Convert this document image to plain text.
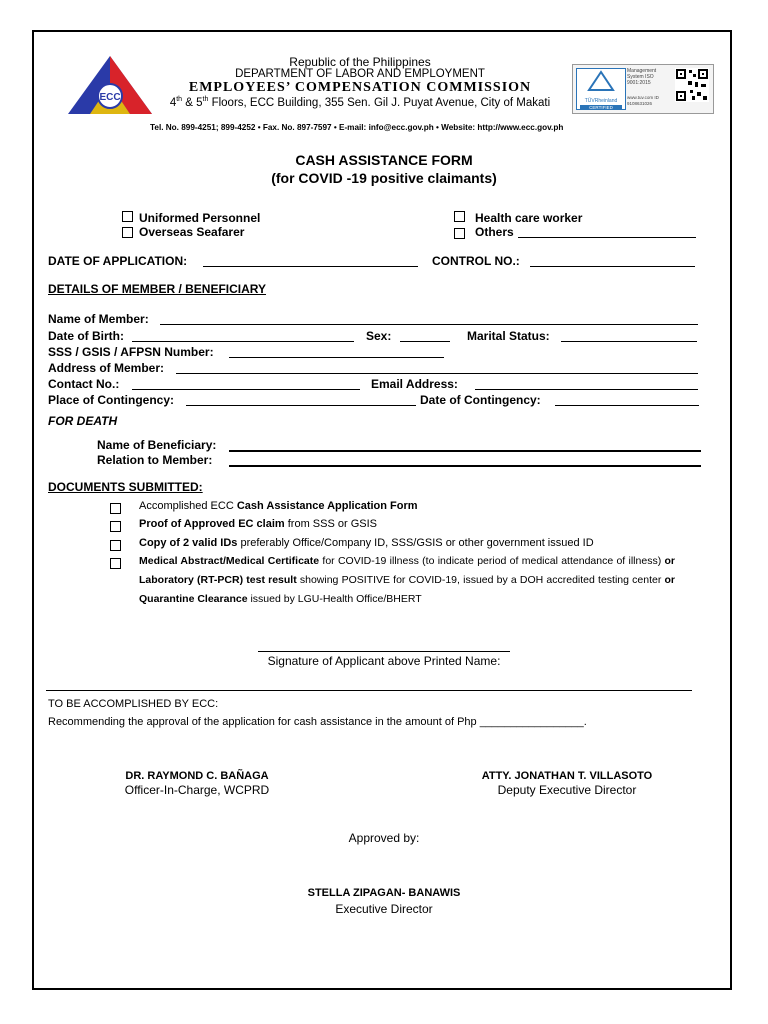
ECC
Republic of the Philippines
DEPARTMENT OF LABOR AND EMPLOYMENT
EMPLOYEES’ COMPENSATION COMMISSION
4th & 5th Floors, ECC Building, 355 Sen. Gil J. Puyat Avenue, City of Makati
Tel. No. 899-4251; 899-4252 • Fax. No. 897-7597 • E-mail: info@ecc.gov.ph • Website: http://www.ecc.gov.ph
TÜVRheinland
CERTIFIED
Management System ISO 9001:2015
www.tuv.com ID 9108631026
CASH ASSISTANCE FORM
(for COVID -19 positive claimants)
Uniformed Personnel
Overseas Seafarer
Health care worker
Others
DATE OF APPLICATION:	CONTROL NO.:
DETAILS OF MEMBER / BENEFICIARY
Name of Member:
Date of Birth:	Sex:	Marital Status:
SSS / GSIS / AFPSN Number:
Address of Member:
Contact No.:	Email Address:
Place of Contingency:	Date of Contingency:
FOR DEATH
Name of Beneficiary:
Relation to Member:
DOCUMENTS SUBMITTED:
Accomplished ECC Cash Assistance Application Form
Proof of Approved EC claim from SSS or GSIS
Copy of 2 valid IDs preferably Office/Company ID, SSS/GSIS or other government issued ID
Medical Abstract/Medical Certificate for COVID-19 illness (to indicate period of medical attendance of illness) or Laboratory (RT-PCR) test result showing POSITIVE for COVID-19, issued by a DOH accredited testing center or Quarantine Clearance issued by LGU-Health Office/BHERT
Signature of Applicant above Printed Name:
TO BE ACCOMPLISHED BY ECC:
Recommending the approval of the application for cash assistance in the amount of Php _________________.
DR. RAYMOND C. BAÑAGA
Officer-In-Charge, WCPRD
ATTY. JONATHAN T. VILLASOTO
Deputy Executive Director
Approved by:
STELLA ZIPAGAN- BANAWIS
Executive Director
